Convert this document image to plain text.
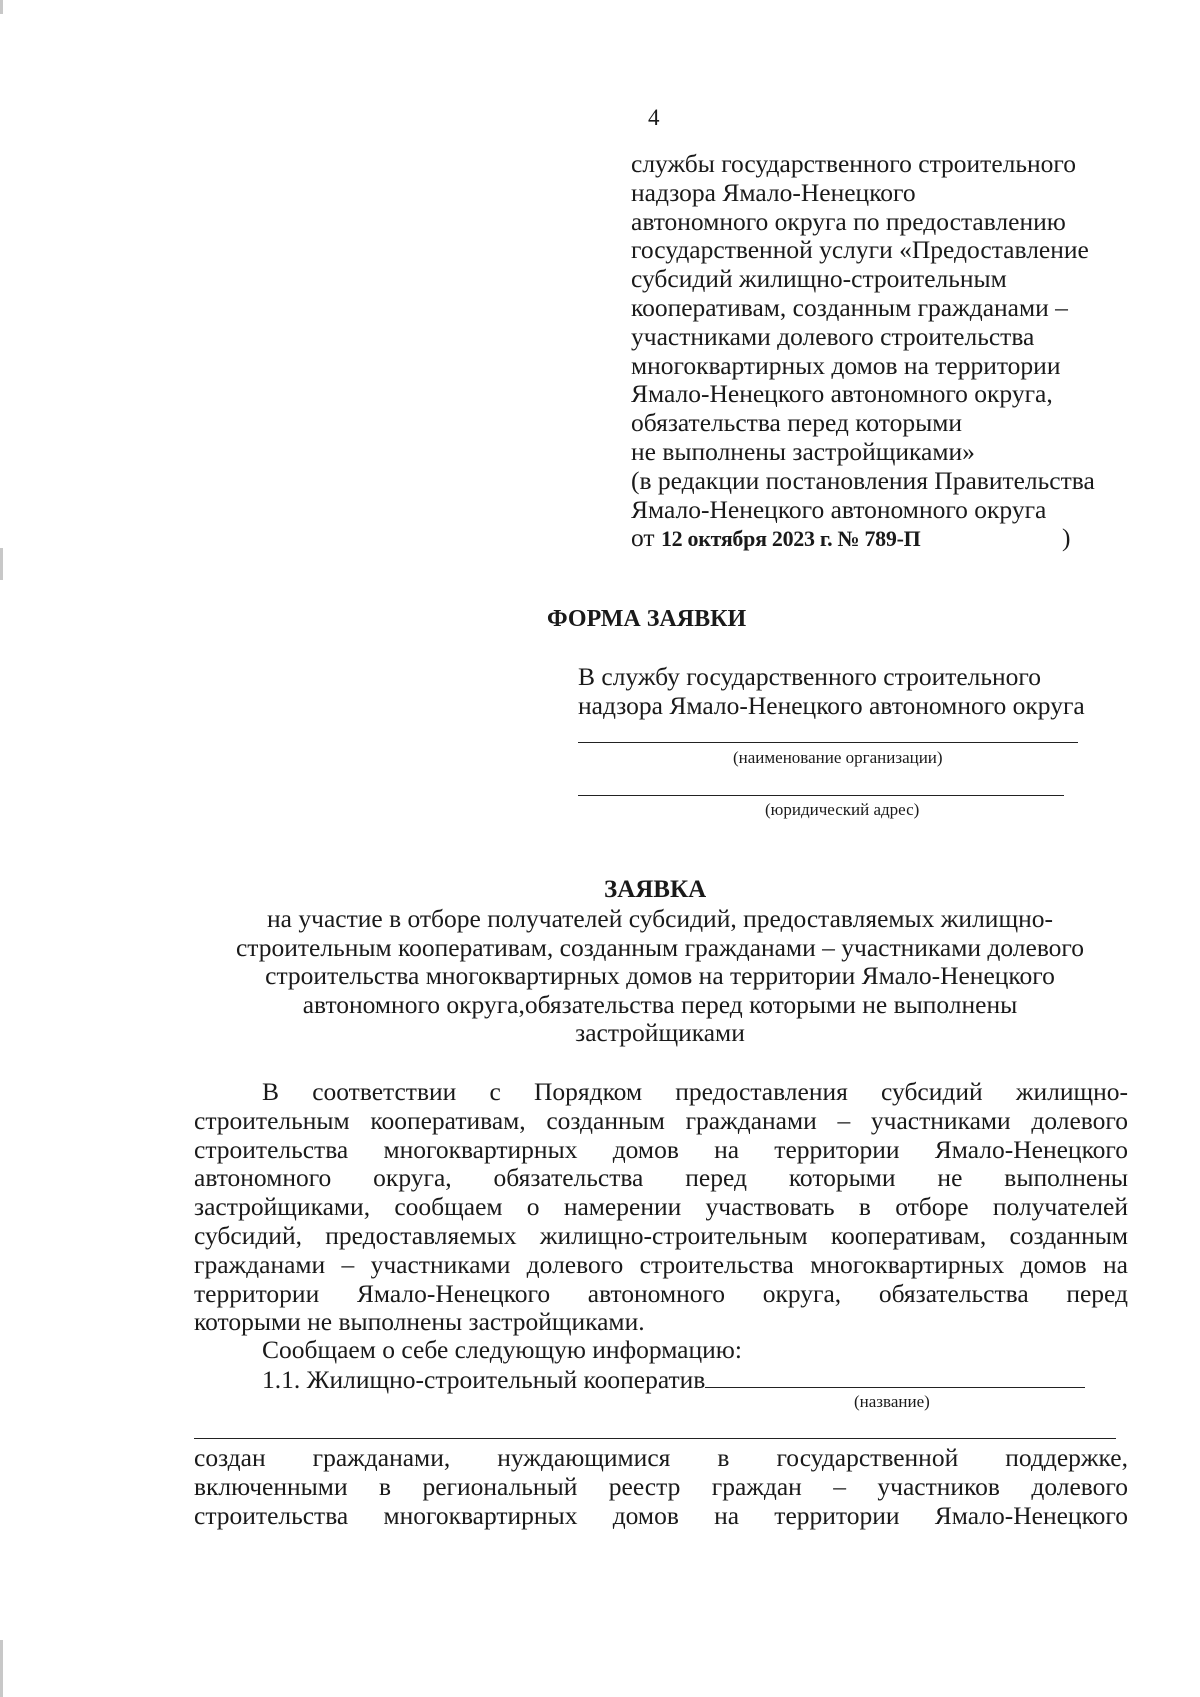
4
службы государственного строительного
надзора Ямало-Ненецкого
автономного округа по предоставлению
государственной услуги «Предоставление
субсидий жилищно-строительным
кооперативам, созданным гражданами –
участниками долевого строительства
многоквартирных домов на территории
Ямало-Ненецкого автономного округа,
обязательства перед которыми
не выполнены застройщиками»
(в редакции постановления Правительства
Ямало-Ненецкого автономного округа
от 12 октября 2023 г. № 789-П	)
ФОРМА ЗАЯВКИ
В службу государственного строительного
надзора Ямало-Ненецкого автономного округа
(наименование организации)
(юридический адрес)
ЗАЯВКА
на участие в отборе получателей субсидий, предоставляемых жилищно-
строительным кооперативам, созданным гражданами – участниками долевого
строительства многоквартирных домов на территории Ямало-Ненецкого
автономного округа,обязательства перед которыми не выполнены
застройщиками
В соответствии с Порядком предоставления субсидий жилищно-
строительным кооперативам, созданным гражданами – участниками долевого
строительства многоквартирных домов на территории Ямало-Ненецкого
автономного округа, обязательства перед которыми не выполнены
застройщиками, сообщаем о намерении участвовать в отборе получателей
субсидий, предоставляемых жилищно-строительным кооперативам, созданным
гражданами – участниками долевого строительства многоквартирных домов на
территории Ямало-Ненецкого автономного округа, обязательства перед
которыми не выполнены застройщиками.
Сообщаем о себе следующую информацию:
1.1. Жилищно-строительный кооператив
(название)
создан гражданами, нуждающимися в государственной поддержке,
включенными в региональный реестр граждан – участников долевого
строительства многоквартирных домов на территории Ямало-Ненецкого
